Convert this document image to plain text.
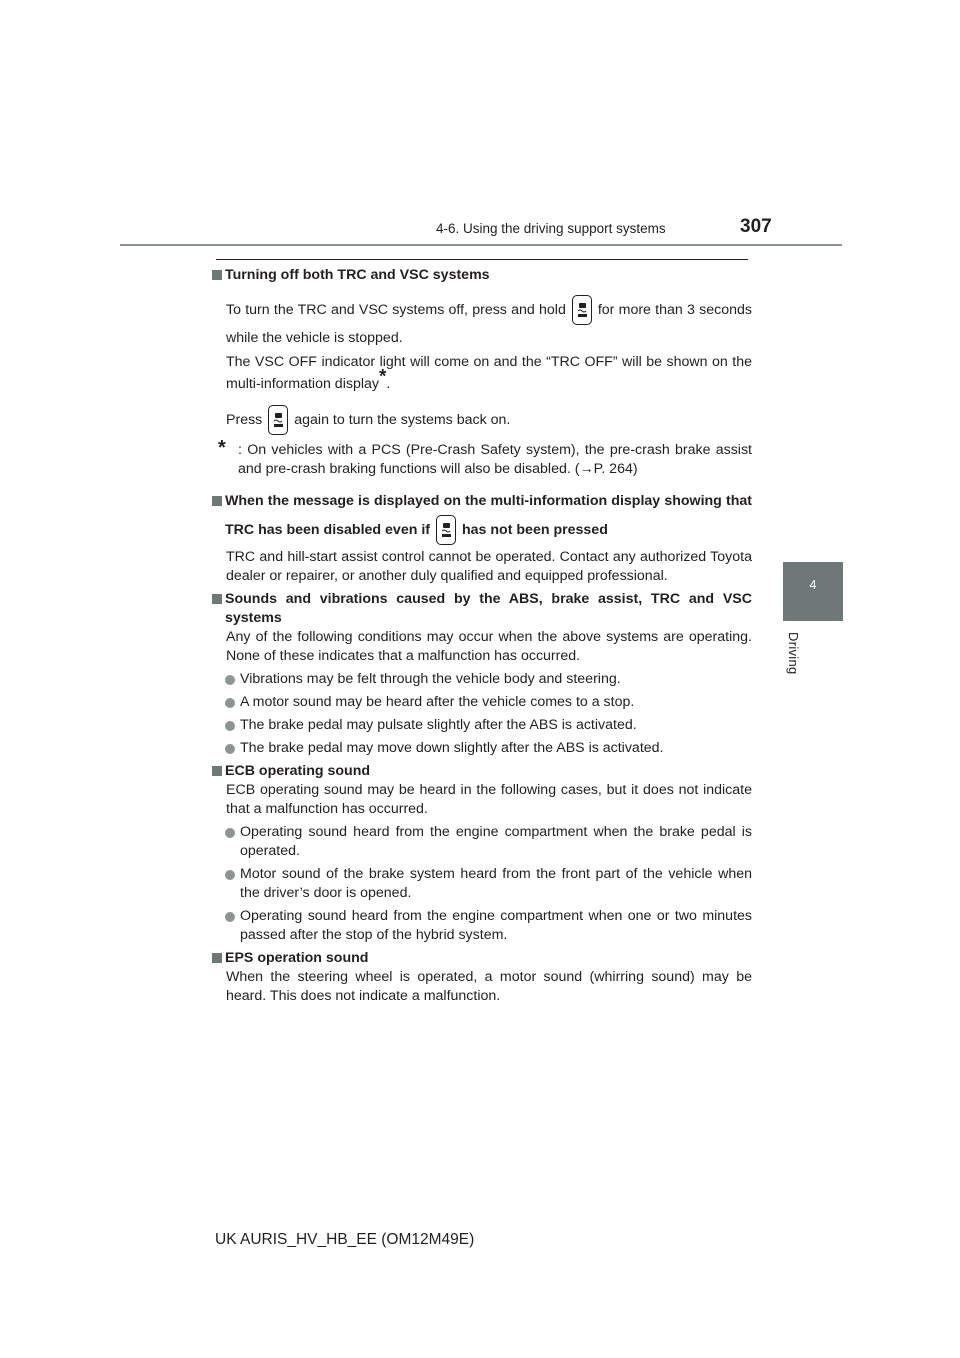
4-6. Using the driving support systems	307
4
Driving

Turning off both TRC and VSC systems

To turn the TRC and VSC systems off, press and hold for more than 3 seconds while the vehicle is stopped.

The VSC OFF indicator light will come on and the “TRC OFF” will be shown on the multi-information display*.

Press again to turn the systems back on.

* : On vehicles with a PCS (Pre-Crash Safety system), the pre-crash brake assist and pre-crash braking functions will also be disabled. (→P. 264)

When the message is displayed on the multi-information display showing that TRC has been disabled even if has not been pressed

TRC and hill-start assist control cannot be operated. Contact any authorized Toyota dealer or repairer, or another duly qualified and equipped professional.

Sounds and vibrations caused by the ABS, brake assist, TRC and VSC systems

Any of the following conditions may occur when the above systems are operating. None of these indicates that a malfunction has occurred.

Vibrations may be felt through the vehicle body and steering.

A motor sound may be heard after the vehicle comes to a stop.

The brake pedal may pulsate slightly after the ABS is activated.

The brake pedal may move down slightly after the ABS is activated.

ECB operating sound

ECB operating sound may be heard in the following cases, but it does not indicate that a malfunction has occurred.

Operating sound heard from the engine compartment when the brake pedal is operated.

Motor sound of the brake system heard from the front part of the vehicle when the driver’s door is opened.

Operating sound heard from the engine compartment when one or two minutes passed after the stop of the hybrid system.

EPS operation sound

When the steering wheel is operated, a motor sound (whirring sound) may be heard. This does not indicate a malfunction.

UK AURIS_HV_HB_EE (OM12M49E)
